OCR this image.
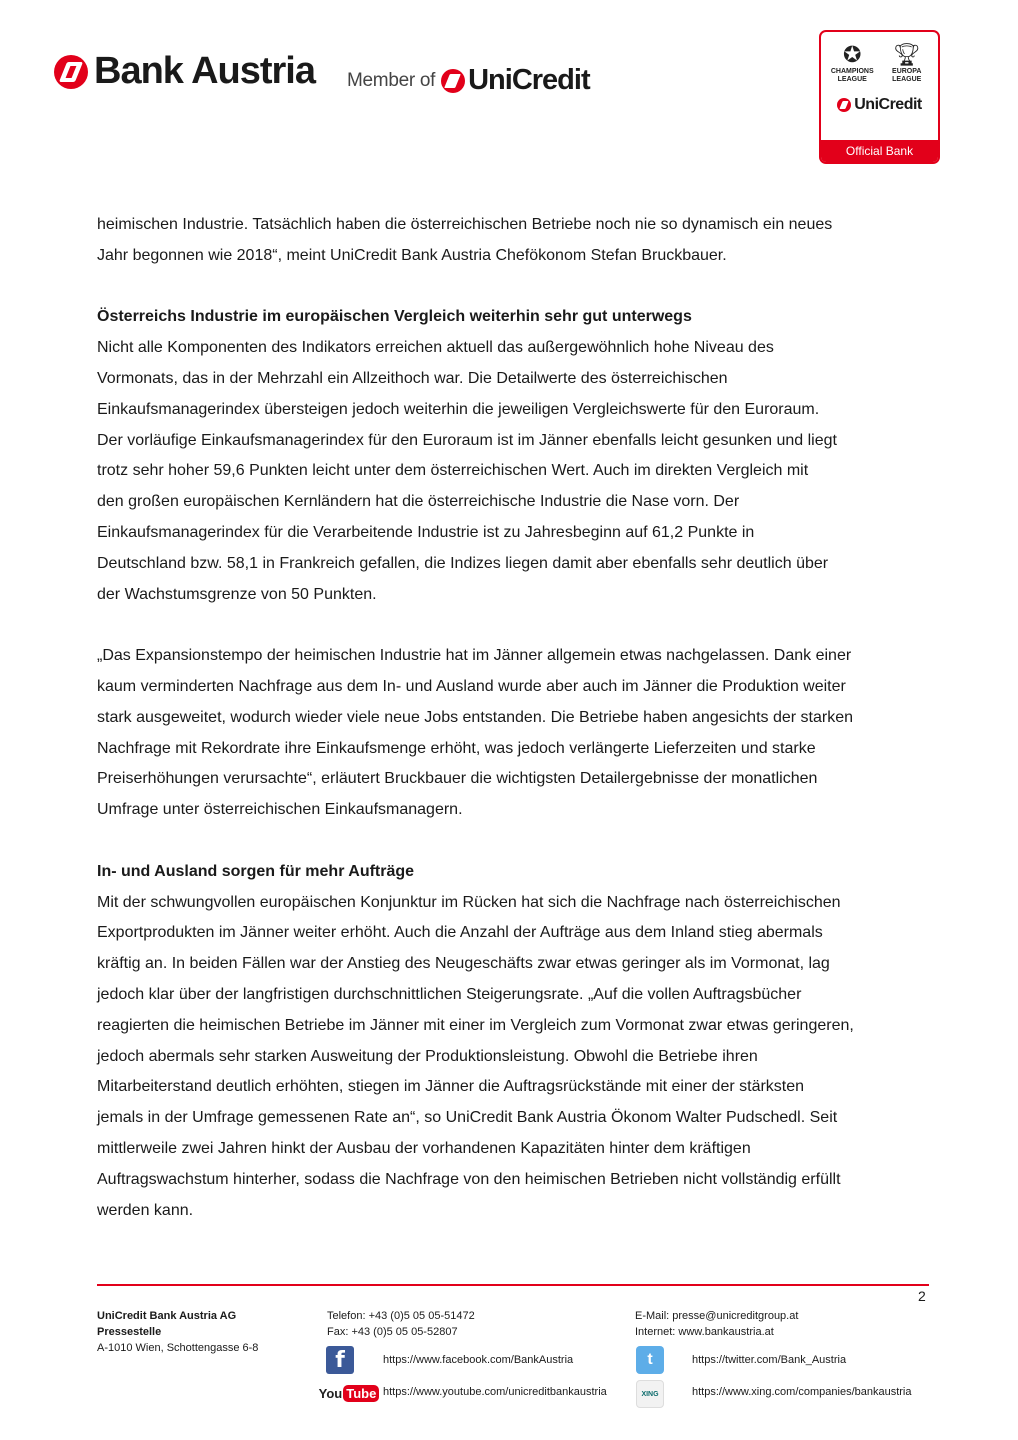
Bank Austria Member of UniCredit
✪
CHAMPIONS LEAGUE
🏆︎
EUROPA LEAGUE
UniCredit
Official Bank

heimischen Industrie. Tatsächlich haben die österreichischen Betriebe noch nie so dynamisch ein neues

Jahr begonnen wie 2018“, meint UniCredit Bank Austria Chefökonom Stefan Bruckbauer.

Österreichs Industrie im europäischen Vergleich weiterhin sehr gut unterwegs

Nicht alle Komponenten des Indikators erreichen aktuell das außergewöhnlich hohe Niveau des

Vormonats, das in der Mehrzahl ein Allzeithoch war. Die Detailwerte des österreichischen

Einkaufsmanagerindex übersteigen jedoch weiterhin die jeweiligen Vergleichswerte für den Euroraum.

Der vorläufige Einkaufsmanagerindex für den Euroraum ist im Jänner ebenfalls leicht gesunken und liegt

trotz sehr hoher 59,6 Punkten leicht unter dem österreichischen Wert. Auch im direkten Vergleich mit

den großen europäischen Kernländern hat die österreichische Industrie die Nase vorn. Der

Einkaufsmanagerindex für die Verarbeitende Industrie ist zu Jahresbeginn auf 61,2 Punkte in

Deutschland bzw. 58,1 in Frankreich gefallen, die Indizes liegen damit aber ebenfalls sehr deutlich über

der Wachstumsgrenze von 50 Punkten.

„Das Expansionstempo der heimischen Industrie hat im Jänner allgemein etwas nachgelassen. Dank einer

kaum verminderten Nachfrage aus dem In- und Ausland wurde aber auch im Jänner die Produktion weiter

stark ausgeweitet, wodurch wieder viele neue Jobs entstanden. Die Betriebe haben angesichts der starken

Nachfrage mit Rekordrate ihre Einkaufsmenge erhöht, was jedoch verlängerte Lieferzeiten und starke

Preiserhöhungen verursachte“, erläutert Bruckbauer die wichtigsten Detailergebnisse der monatlichen

Umfrage unter österreichischen Einkaufsmanagern.

In- und Ausland sorgen für mehr Aufträge

Mit der schwungvollen europäischen Konjunktur im Rücken hat sich die Nachfrage nach österreichischen

Exportprodukten im Jänner weiter erhöht. Auch die Anzahl der Aufträge aus dem Inland stieg abermals

kräftig an. In beiden Fällen war der Anstieg des Neugeschäfts zwar etwas geringer als im Vormonat, lag

jedoch klar über der langfristigen durchschnittlichen Steigerungsrate. „Auf die vollen Auftragsbücher

reagierten die heimischen Betriebe im Jänner mit einer im Vergleich zum Vormonat zwar etwas geringeren,

jedoch abermals sehr starken Ausweitung der Produktionsleistung. Obwohl die Betriebe ihren

Mitarbeiterstand deutlich erhöhten, stiegen im Jänner die Auftragsrückstände mit einer der stärksten

jemals in der Umfrage gemessenen Rate an“, so UniCredit Bank Austria Ökonom Walter Pudschedl. Seit

mittlerweile zwei Jahren hinkt der Ausbau der vorhandenen Kapazitäten hinter dem kräftigen

Auftragswachstum hinterher, sodass die Nachfrage von den heimischen Betrieben nicht vollständig erfüllt

werden kann.

2
UniCredit Bank Austria AG
Pressestelle
A-1010 Wien, Schottengasse 6-8
Telefon: +43 (0)5 05 05-51472
Fax: +43 (0)5 05 05-52807
E-Mail: presse@unicreditgroup.at
Internet: www.bankaustria.at
f	https://www.facebook.com/BankAustria
You Tube https://www.youtube.com/unicreditbankaustria
t	https://twitter.com/Bank_Austria
XING	https://www.xing.com/companies/bankaustria
